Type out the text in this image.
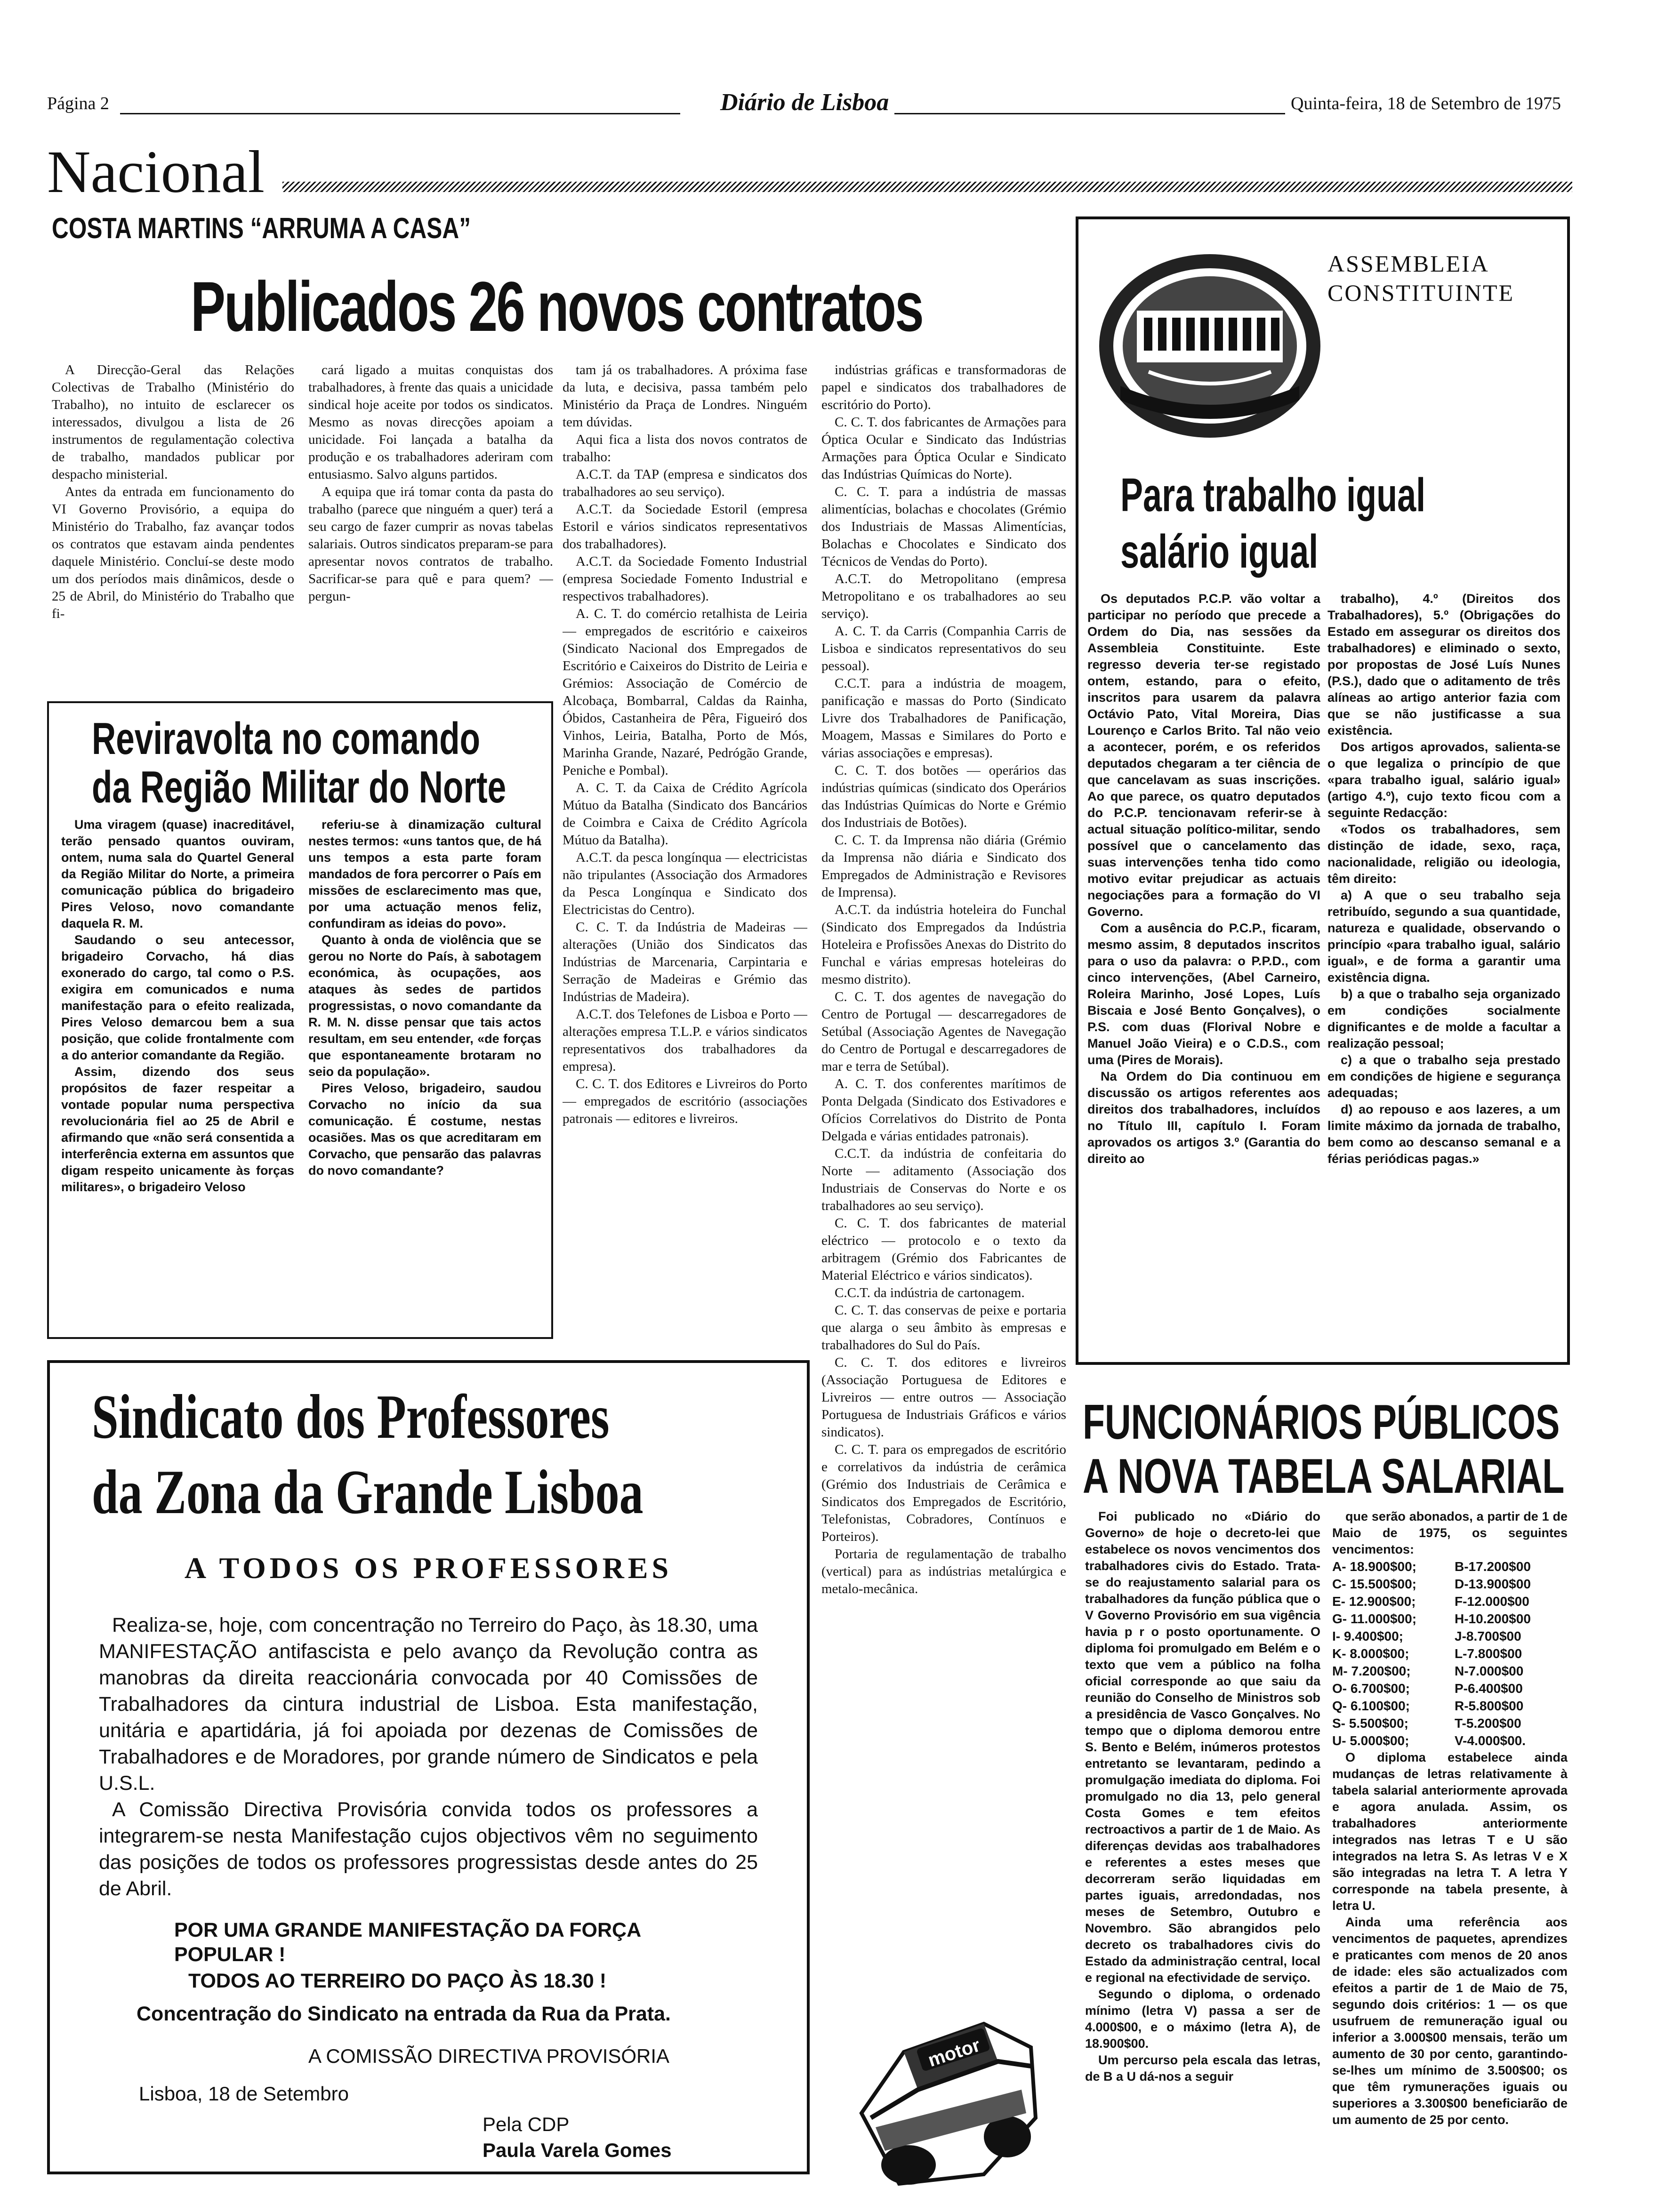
Página 2	Diário de Lisboa	Quinta-feira, 18 de Setembro de 1975
Nacional
COSTA MARTINS “ARRUMA A CASA”
Publicados 26 novos contratos

A Direcção-Geral das Relações Colectivas de Trabalho (Ministério do Trabalho), no intuito de esclarecer os interessados, divulgou a lista de 26 instrumentos de regulamentação colectiva de trabalho, mandados publicar por despacho ministerial.

Antes da entrada em funcionamento do VI Governo Provisório, a equipa do Ministério do Trabalho, faz avançar todos os contratos que estavam ainda pendentes daquele Ministério. Concluí-se deste modo um dos períodos mais dinâmicos, desde o 25 de Abril, do Ministério do Trabalho que fi-

cará ligado a muitas conquistas dos trabalhadores, à frente das quais a unicidade sindical hoje aceite por todos os sindicatos. Mesmo as novas direcções apoiam a unicidade. Foi lançada a batalha da produção e os trabalhadores aderiram com entusiasmo. Salvo alguns partidos.

A equipa que irá tomar conta da pasta do trabalho (parece que ninguém a quer) terá a seu cargo de fazer cumprir as novas tabelas salariais. Outros sindicatos preparam-se para apresentar novos contratos de trabalho. Sacrificar-se para quê e para quem? — pergun-

tam já os trabalhadores. A próxima fase da luta, e decisiva, passa também pelo Ministério da Praça de Londres. Ninguém tem dúvidas.

Aqui fica a lista dos novos contratos de trabalho:

A.C.T. da TAP (empresa e sindicatos dos trabalhadores ao seu serviço).

A.C.T. da Sociedade Estoril (empresa Estoril e vários sindicatos representativos dos trabalhadores).

A.C.T. da Sociedade Fomento Industrial (empresa Sociedade Fomento Industrial e respectivos trabalhadores).

A. C. T. do comércio retalhista de Leiria — empregados de escritório e caixeiros (Sindicato Nacional dos Empregados de Escritório e Caixeiros do Distrito de Leiria e Grémios: Associação de Comércio de Alcobaça, Bombarral, Caldas da Rainha, Óbidos, Castanheira de Pêra, Figueiró dos Vinhos, Leiria, Batalha, Porto de Mós, Marinha Grande, Nazaré, Pedrógão Grande, Peniche e Pombal).

A. C. T. da Caixa de Crédito Agrícola Mútuo da Batalha (Sindicato dos Bancários de Coimbra e Caixa de Crédito Agrícola Mútuo da Batalha).

A.C.T. da pesca longínqua — electricistas não tripulantes (Associação dos Armadores da Pesca Longínqua e Sindicato dos Electricistas do Centro).

C. C. T. da Indústria de Madeiras — alterações (União dos Sindicatos das Indústrias de Marcenaria, Carpintaria e Serração de Madeiras e Grémio das Indústrias de Madeira).

A.C.T. dos Telefones de Lisboa e Porto — alterações empresa T.L.P. e vários sindicatos representativos dos trabalhadores da empresa).

C. C. T. dos Editores e Livreiros do Porto — empregados de escritório (associações patronais — editores e livreiros.

indústrias gráficas e transformadoras de papel e sindicatos dos trabalhadores de escritório do Porto).

C. C. T. dos fabricantes de Armações para Óptica Ocular e Sindicato das Indústrias Armações para Óptica Ocular e Sindicato das Indústrias Químicas do Norte).

C. C. T. para a indústria de massas alimentícias, bolachas e chocolates (Grémio dos Industriais de Massas Alimentícias, Bolachas e Chocolates e Sindicato dos Técnicos de Vendas do Porto).

A.C.T. do Metropolitano (empresa Metropolitano e os trabalhadores ao seu serviço).

A. C. T. da Carris (Companhia Carris de Lisboa e sindicatos representativos do seu pessoal).

C.C.T. para a indústria de moagem, panificação e massas do Porto (Sindicato Livre dos Trabalhadores de Panificação, Moagem, Massas e Similares do Porto e várias associações e empresas).

C. C. T. dos botões — operários das indústrias químicas (sindicato dos Operários das Indústrias Químicas do Norte e Grémio dos Industriais de Botões).

C. C. T. da Imprensa não diária (Grémio da Imprensa não diária e Sindicato dos Empregados de Administração e Revisores de Imprensa).

A.C.T. da indústria hoteleira do Funchal (Sindicato dos Empregados da Indústria Hoteleira e Profissões Anexas do Distrito do Funchal e várias empresas hoteleiras do mesmo distrito).

C. C. T. dos agentes de navegação do Centro de Portugal — descarregadores de Setúbal (Associação Agentes de Navegação do Centro de Portugal e descarregadores de mar e terra de Setúbal).

A. C. T. dos conferentes marítimos de Ponta Delgada (Sindicato dos Estivadores e Ofícios Correlativos do Distrito de Ponta Delgada e várias entidades patronais).

C.C.T. da indústria de confeitaria do Norte — aditamento (Associação dos Industriais de Conservas do Norte e os trabalhadores ao seu serviço).

C. C. T. dos fabricantes de material eléctrico — protocolo e o texto da arbitragem (Grémio dos Fabricantes de Material Eléctrico e vários sindicatos).

C.C.T. da indústria de cartonagem.

C. C. T. das conservas de peixe e portaria que alarga o seu âmbito às empresas e trabalhadores do Sul do País.

C. C. T. dos editores e livreiros (Associação Portuguesa de Editores e Livreiros — entre outros — Associação Portuguesa de Industriais Gráficos e vários sindicatos).

C. C. T. para os empregados de escritório e correlativos da indústria de cerâmica (Grémio dos Industriais de Cerâmica e Sindicatos dos Empregados de Escritório, Telefonistas, Cobradores, Contínuos e Porteiros).

Portaria de regulamentação de trabalho (vertical) para as indústrias metalúrgica e metalo-mecânica.

Reviravolta no comando
da Região Militar do Norte

Uma viragem (quase) inacreditável, terão pensado quantos ouviram, ontem, numa sala do Quartel General da Região Militar do Norte, a primeira comunicação pública do brigadeiro Pires Veloso, novo comandante daquela R. M.

Saudando o seu antecessor, brigadeiro Corvacho, há dias exonerado do cargo, tal como o P.S. exigira em comunicados e numa manifestação para o efeito realizada, Pires Veloso demarcou bem a sua posição, que colide frontalmente com a do anterior comandante da Região.

Assim, dizendo dos seus propósitos de fazer respeitar a vontade popular numa perspectiva revolucionária fiel ao 25 de Abril e afirmando que «não será consentida a interferência externa em assuntos que digam respeito unicamente às forças militares», o brigadeiro Veloso

referiu-se à dinamização cultural nestes termos: «uns tantos que, de há uns tempos a esta parte foram mandados de fora percorrer o País em missões de esclarecimento mas que, por uma actuação menos feliz, confundiram as ideias do povo».

Quanto à onda de violência que se gerou no Norte do País, à sabotagem económica, às ocupações, aos ataques às sedes de partidos progressistas, o novo comandante da R. M. N. disse pensar que tais actos resultam, em seu entender, «de forças que espontaneamente brotaram no seio da população».

Pires Veloso, brigadeiro, saudou Corvacho no início da sua comunicação. É costume, nestas ocasiões. Mas os que acreditaram em Corvacho, que pensarão das palavras do novo comandante?

ASSEMBLEIA
CONSTITUINTE
Para trabalho igual
salário igual

Os deputados P.C.P. vão voltar a participar no período que precede a Ordem do Dia, nas sessões da Assembleia Constituinte. Este regresso deveria ter-se registado ontem, estando, para o efeito, inscritos para usarem da palavra Octávio Pato, Vital Moreira, Dias Lourenço e Carlos Brito. Tal não veio a acontecer, porém, e os referidos deputados chegaram a ter ciência de que cancelavam as suas inscrições. Ao que parece, os quatro deputados do P.C.P. tencionavam referir-se à actual situação político-militar, sendo possível que o cancelamento das suas intervenções tenha tido como motivo evitar prejudicar as actuais negociações para a formação do VI Governo.

Com a ausência do P.C.P., ficaram, mesmo assim, 8 deputados inscritos para o uso da palavra: o P.P.D., com cinco intervenções, (Abel Carneiro, Roleira Marinho, José Lopes, Luís Biscaia e José Bento Gonçalves), o P.S. com duas (Florival Nobre e Manuel João Vieira) e o C.D.S., com uma (Pires de Morais).

Na Ordem do Dia continuou em discussão os artigos referentes aos direitos dos trabalhadores, incluídos no Título III, capítulo I. Foram aprovados os artigos 3.º (Garantia do direito ao

trabalho), 4.º (Direitos dos Trabalhadores), 5.º (Obrigações do Estado em assegurar os direitos dos trabalhadores) e eliminado o sexto, por propostas de José Luís Nunes (P.S.), dado que o aditamento de três alíneas ao artigo anterior fazia com que se não justificasse a sua existência.

Dos artigos aprovados, salienta-se o que legaliza o princípio de que «para trabalho igual, salário igual» (artigo 4.º), cujo texto ficou com a seguinte Redacção:

«Todos os trabalhadores, sem distinção de idade, sexo, raça, nacionalidade, religião ou ideologia, têm direito:

a) A que o seu trabalho seja retribuído, segundo a sua quantidade, natureza e qualidade, observando o princípio «para trabalho igual, salário igual», e de forma a garantir uma existência digna.

b) a que o trabalho seja organizado em condições socialmente dignificantes e de molde a facultar a realização pessoal;

c) a que o trabalho seja prestado em condições de higiene e segurança adequadas;

d) ao repouso e aos lazeres, a um limite máximo da jornada de trabalho, bem como ao descanso semanal e a férias periódicas pagas.»

Sindicato dos Professores
da Zona da Grande Lisboa
A TODOS OS PROFESSORES

Realiza-se, hoje, com concentração no Terreiro do Paço, às 18.30, uma MANIFESTAÇÃO antifascista e pelo avanço da Revolução contra as manobras da direita reaccionária convocada por 40 Comissões de Trabalhadores da cintura industrial de Lisboa. Esta manifestação, unitária e apartidária, já foi apoiada por dezenas de Comissões de Trabalhadores e de Moradores, por grande número de Sindicatos e pela U.S.L.

A Comissão Directiva Provisória convida todos os professores a integrarem-se nesta Manifestação cujos objectivos vêm no seguimento das posições de todos os professores progressistas desde antes do 25 de Abril.

POR UMA GRANDE MANIFESTAÇÃO DA FORÇA POPULAR !
TODOS AO TERREIRO DO PAÇO ÀS 18.30 !
Concentração do Sindicato na entrada da Rua da Prata.
A COMISSÃO DIRECTIVA PROVISÓRIA
Lisboa, 18 de Setembro
Pela CDP
Paula Varela Gomes
motor
FUNCIONÁRIOS PÚBLICOS
A NOVA TABELA SALARIAL

Foi publicado no «Diário do Governo» de hoje o decreto-lei que estabelece os novos vencimentos dos trabalhadores civis do Estado. Trata-se do reajustamento salarial para os trabalhadores da função pública que o V Governo Provisório em sua vigência havia p r o posto oportunamente. O diploma foi promulgado em Belém e o texto que vem a público na folha oficial corresponde ao que saiu da reunião do Conselho de Ministros sob a presidência de Vasco Gonçalves. No tempo que o diploma demorou entre S. Bento e Belém, inúmeros protestos entretanto se levantaram, pedindo a promulgação imediata do diploma. Foi promulgado no dia 13, pelo general Costa Gomes e tem efeitos rectroactivos a partir de 1 de Maio. As diferenças devidas aos trabalhadores e referentes a estes meses que decorreram serão liquidadas em partes iguais, arredondadas, nos meses de Setembro, Outubro e Novembro. São abrangidos pelo decreto os trabalhadores civis do Estado da administração central, local e regional na efectividade de serviço.

Segundo o diploma, o ordenado mínimo (letra V) passa a ser de 4.000$00, e o máximo (letra A), de 18.900$00.

Um percurso pela escala das letras, de B a U dá-nos a seguir

que serão abonados, a partir de 1 de Maio de 1975, os seguintes vencimentos:

A- 18.900$00;	B-17.200$00
C- 15.500$00;	D-13.900$00
E- 12.900$00;	F-12.000$00
G- 11.000$00;	H-10.200$00
I- 9.400$00;	J-8.700$00
K- 8.000$00;	L-7.800$00
M- 7.200$00;	N-7.000$00
O- 6.700$00;	P-6.400$00
Q- 6.100$00;	R-5.800$00
S- 5.500$00;	T-5.200$00
U- 5.000$00;	V-4.000$00.

O diploma estabelece ainda mudanças de letras relativamente à tabela salarial anteriormente aprovada e agora anulada. Assim, os trabalhadores anteriormente integrados nas letras T e U são integrados na letra S. As letras V e X são integradas na letra T. A letra Y corresponde na tabela presente, à letra U.

Ainda uma referência aos vencimentos de paquetes, aprendizes e praticantes com menos de 20 anos de idade: eles são actualizados com efeitos a partir de 1 de Maio de 75, segundo dois critérios: 1 — os que usufruem de remuneração igual ou inferior a 3.000$00 mensais, terão um aumento de 30 por cento, garantindo-se-lhes um mínimo de 3.500$00; os que têm rymunerações iguais ou superiores a 3.300$00 beneficiarão de um aumento de 25 por cento.
